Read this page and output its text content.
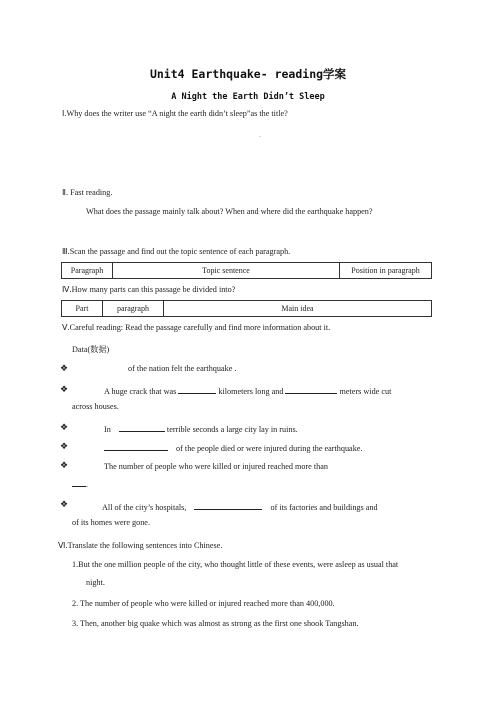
Unit4 Earthquake- reading学案
A Night the Earth Didn’t Sleep
Ⅰ.Why does the writer use “A night the earth didn’t sleep”as the title?
.
Ⅱ. Fast reading.
What does the passage mainly talk about? When and where did the earthquake happen?
Ⅲ.Scan the passage and find out the topic sentence of each paragraph.
Paragraph	Topic sentence	Position in paragraph
Ⅳ.How many parts can this passage be divided into?
Part	paragraph	Main idea
Ⅴ.Careful reading: Read the passage carefully and find more information about it.
Data(数据)
❖	of the nation felt the earthquake .
❖	A huge crack that was	kilometers long and	meters wide cut
across houses.
❖	In	terrible seconds a large city lay in ruins.
❖	of the people died or were injured during the earthquake.
❖	The number of people who were killed or injured reached more than
.
❖	All of the city’s hospitals,	of its factories and buildings and
of its homes were gone.
Ⅵ.Translate the following sentences into Chinese.
1.But the one million people of the city, who thought little of these events, were asleep as usual that
night.
2. The number of people who were killed or injured reached more than 400,000.
3. Then, another big quake which was almost as strong as the first one shook Tangshan.
